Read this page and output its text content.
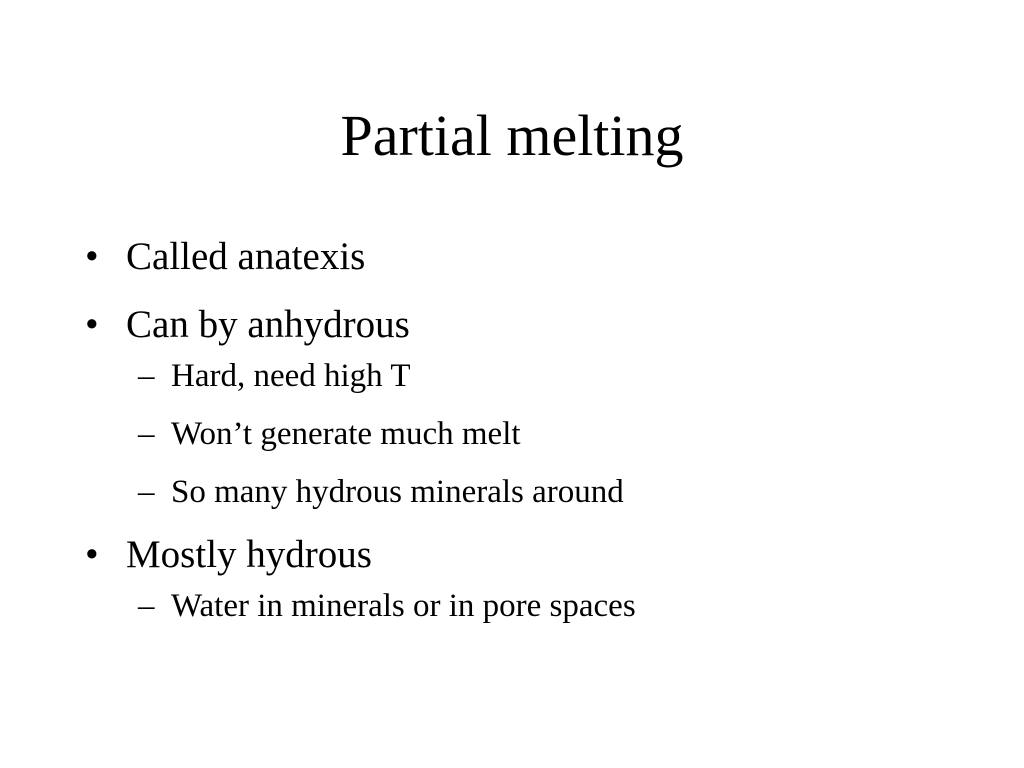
Partial melting
• Called anatexis
• Can by anhydrous
– Hard, need high T
– Won’t generate much melt
– So many hydrous minerals around
• Mostly hydrous
– Water in minerals or in pore spaces
